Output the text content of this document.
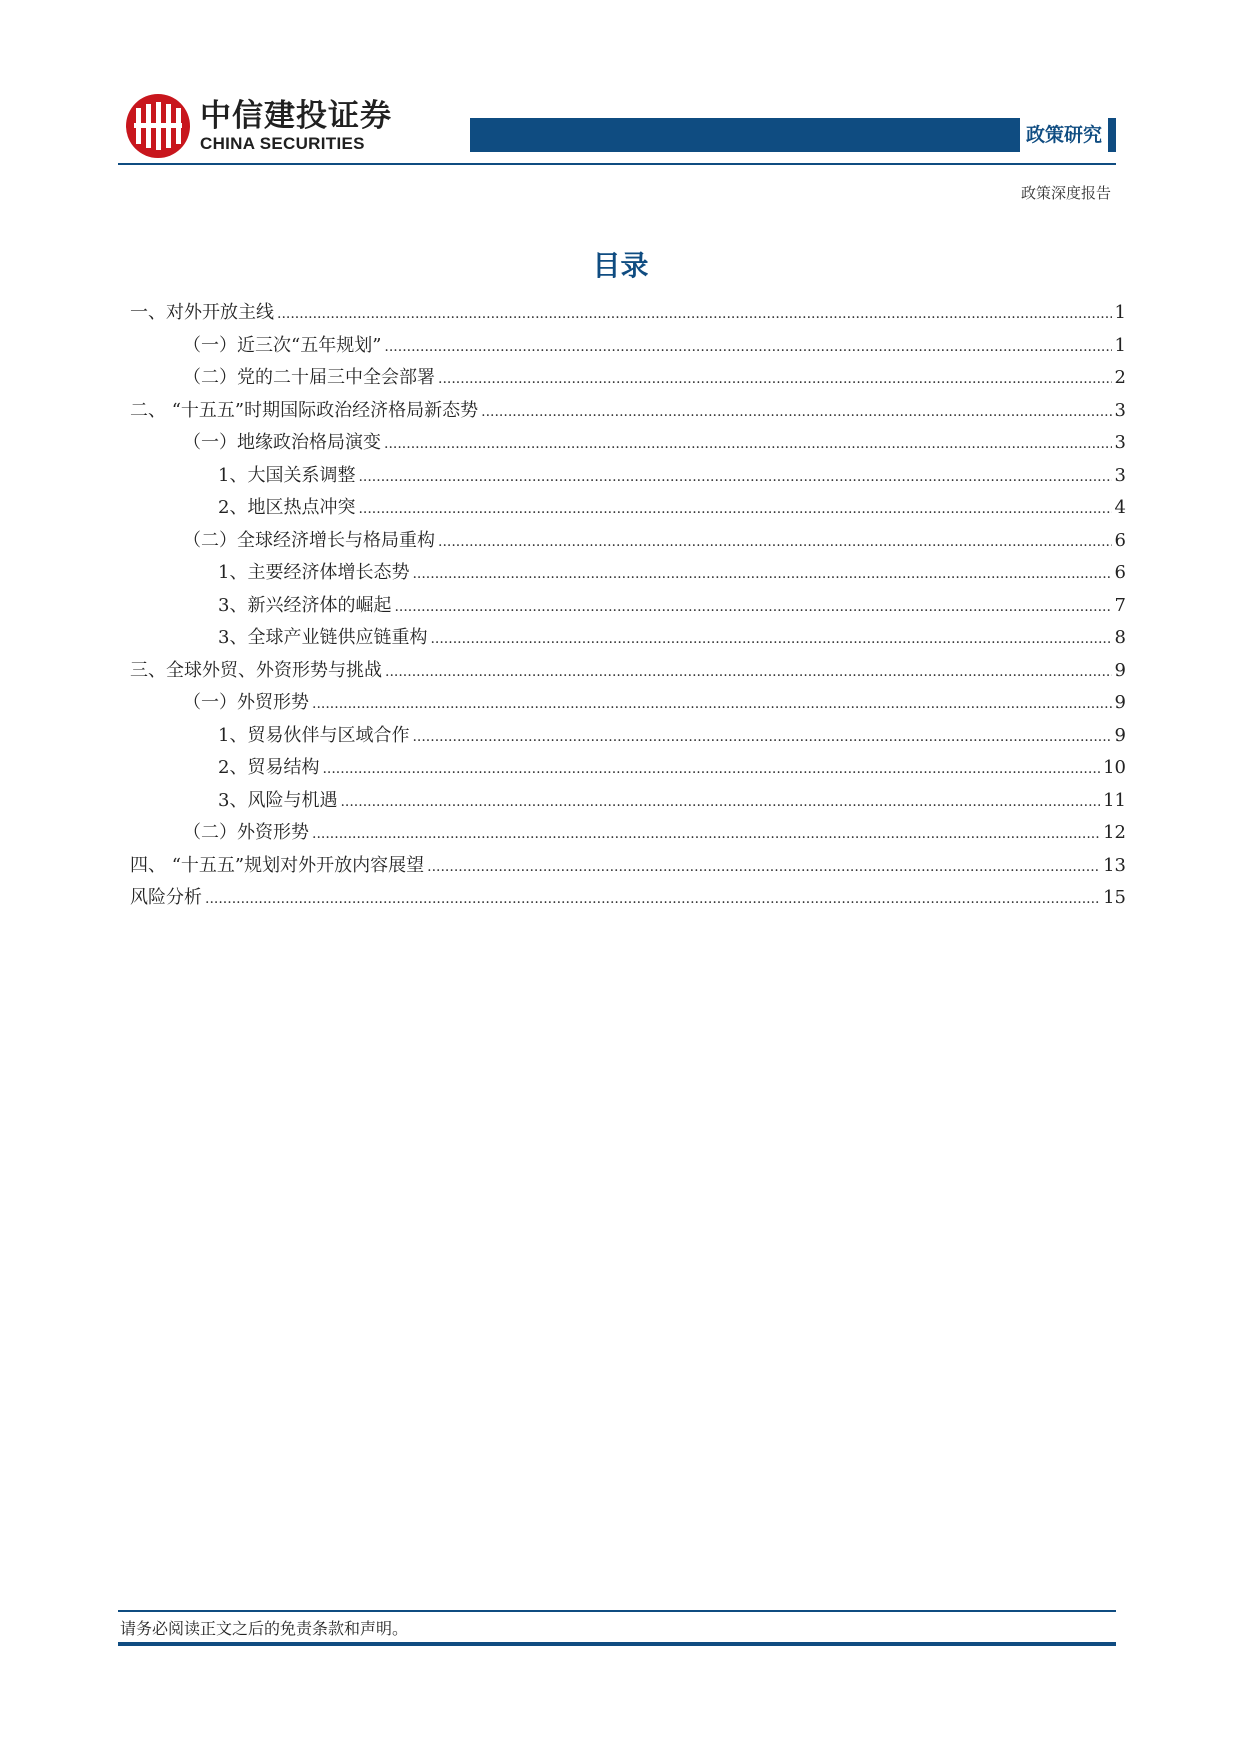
中信建投证券
CHINA SECURITIES	政策研究
政策深度报告
目录
一、对外开放主线 .....	1
（一）近三次“五年规划” .....	1
（二）党的二十届三中全会部署 .....	2
二、 “十五五”时期国际政治经济格局新态势 .....	3
（一）地缘政治格局演变 .....	3
1、大国关系调整 .....	3
2、地区热点冲突 .....	4
（二）全球经济增长与格局重构 .....	6
1、主要经济体增长态势 .....	6
3、新兴经济体的崛起 .....	7
3、全球产业链供应链重构 .....	8
三、全球外贸、外资形势与挑战 .....	9
（一）外贸形势 .....	9
1、贸易伙伴与区域合作 .....	9
2、贸易结构 .....	10
3、风险与机遇 .....	11
（二）外资形势 .....	12
四、 “十五五”规划对外开放内容展望 .....	13
风险分析 .....	15
请务必阅读正文之后的免责条款和声明。
